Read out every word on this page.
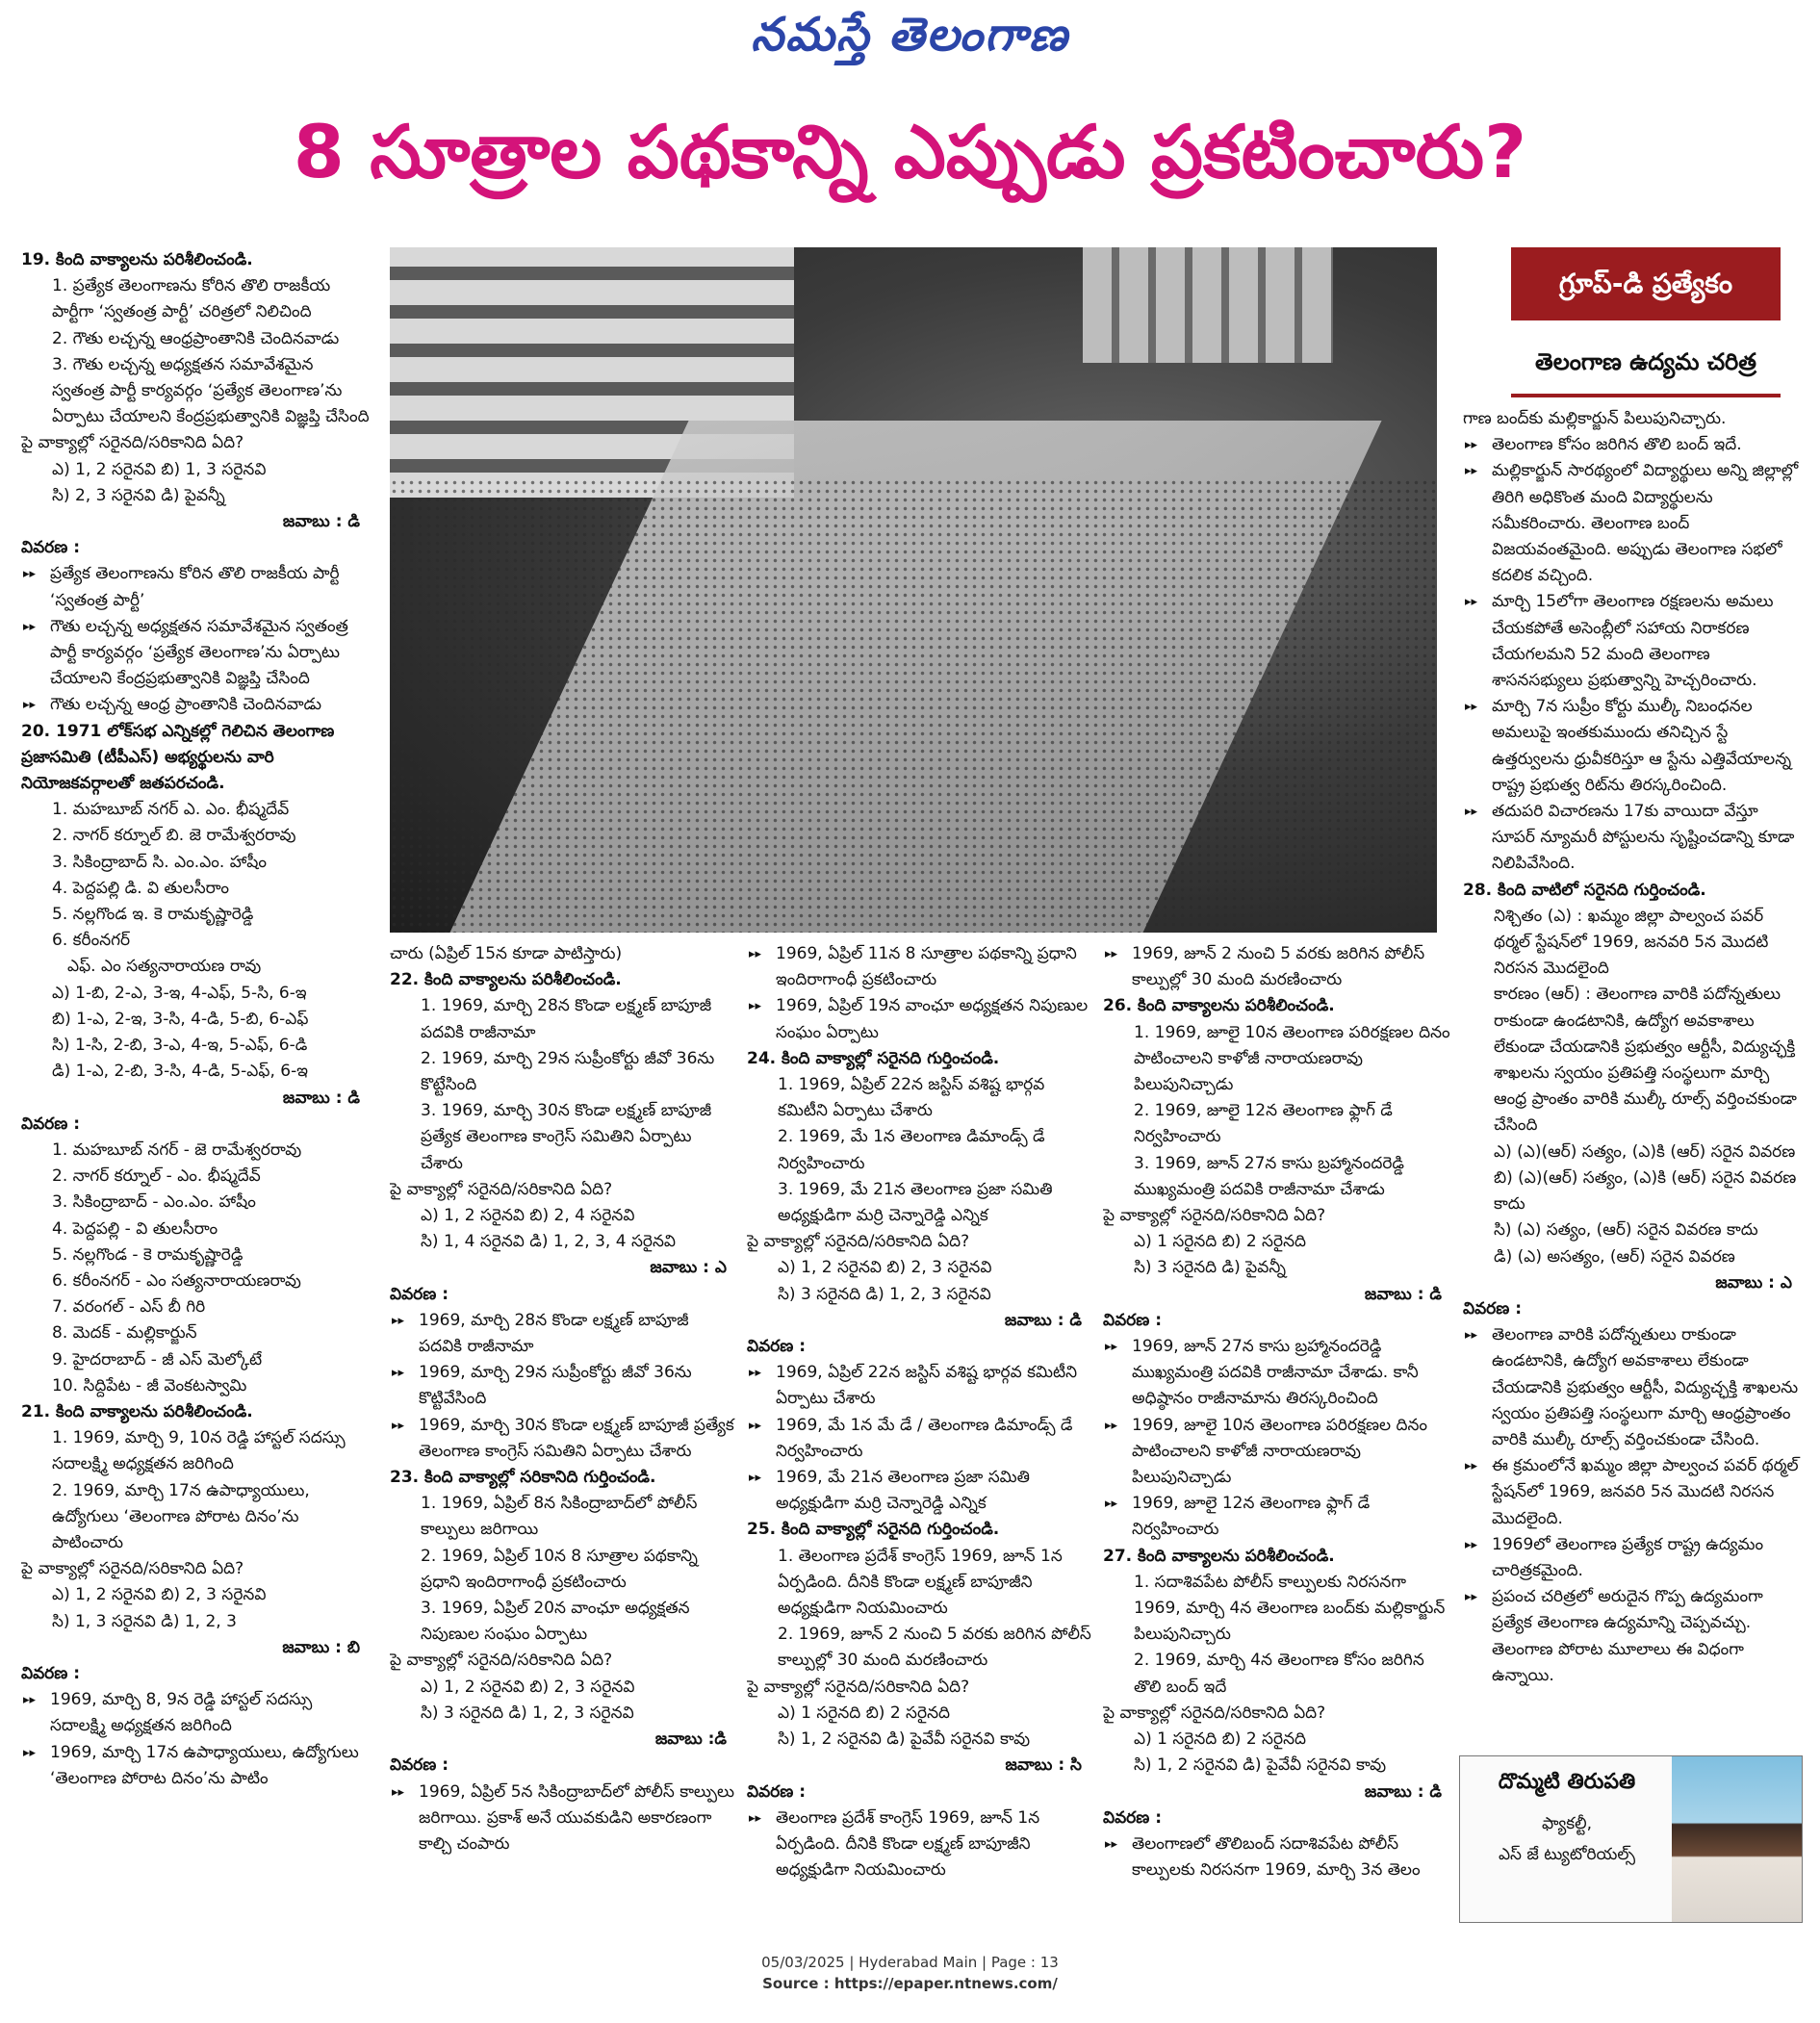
నమస్తే తెలంగాణ
8 సూత్రాల పథకాన్ని ఎప్పుడు ప్రకటించారు?

19. కింది వాక్యాలను పరిశీలించండి.

1. ప్రత్యేక తెలంగాణను కోరిన తొలి రాజకీయ పార్టీగా ‘స్వతంత్ర పార్టీ’ చరిత్రలో నిలిచింది

2. గౌతు లచ్చన్న ఆంధ్రప్రాంతానికి చెందినవాడు

3. గౌతు లచ్చన్న అధ్యక్షతన సమావేశమైన స్వతంత్ర పార్టీ కార్యవర్గం ‘ప్రత్యేక తెలంగాణ’ను ఏర్పాటు చేయాలని కేంద్రప్రభుత్వానికి విజ్ఞప్తి చేసింది

పై వాక్యాల్లో సరైనది/సరికానిది ఏది?

ఎ) 1, 2 సరైనవి బి) 1, 3 సరైనవి

సి) 2, 3 సరైనవి డి) పైవన్నీ

జవాబు : డి

వివరణ :

▸▸ ప్రత్యేక తెలంగాణను కోరిన తొలి రాజకీయ పార్టీ ‘స్వతంత్ర పార్టీ’

▸▸ గౌతు లచ్చన్న అధ్యక్షతన సమావేశమైన స్వతంత్ర పార్టీ కార్యవర్గం ‘ప్రత్యేక తెలంగాణ’ను ఏర్పాటు చేయాలని కేంద్రప్రభుత్వానికి విజ్ఞప్తి చేసింది

▸▸ గౌతు లచ్చన్న ఆంధ్ర ప్రాంతానికి చెందినవాడు

20. 1971 లోక్‌సభ ఎన్నికల్లో గెలిచిన తెలంగాణ ప్రజాసమితి (టీపీఎస్) అభ్యర్థులను వారి నియోజకవర్గాలతో జతపరచండి.

1. మహబూబ్ నగర్ ఎ. ఎం. భీష్మదేవ్

2. నాగర్ కర్నూల్ బి. జె రామేశ్వరరావు

3. సికింద్రాబాద్ సి. ఎం.ఎం. హాషీం

4. పెద్దపల్లి డి. వి తులసీరాం

5. నల్లగొండ ఇ. కె రామకృష్ణారెడ్డి

6. కరీంనగర్

ఎఫ్. ఎం సత్యనారాయణ రావు

ఎ) 1-బి, 2-ఎ, 3-ఇ, 4-ఎఫ్, 5-సి, 6-ఇ

బి) 1-ఎ, 2-ఇ, 3-సి, 4-డి, 5-బి, 6-ఎఫ్

సి) 1-సి, 2-బి, 3-ఎ, 4-ఇ, 5-ఎఫ్, 6-డి

డి) 1-ఎ, 2-బి, 3-సి, 4-డి, 5-ఎఫ్, 6-ఇ

జవాబు : డి

వివరణ :

1. మహబూబ్ నగర్ - జె రామేశ్వరరావు

2. నాగర్ కర్నూల్ - ఎం. భీష్మదేవ్

3. సికింద్రాబాద్ - ఎం.ఎం. హాషీం

4. పెద్దపల్లి - వి తులసీరాం

5. నల్లగొండ - కె రామకృష్ణారెడ్డి

6. కరీంనగర్ - ఎం సత్యనారాయణరావు

7. వరంగల్ - ఎస్ బీ గిరి

8. మెదక్ - మల్లికార్జున్

9. హైదరాబాద్ - జీ ఎస్ మెల్కోటే

10. సిద్దిపేట - జీ వెంకటస్వామి

21. కింది వాక్యాలను పరిశీలించండి.

1. 1969, మార్చి 9, 10న రెడ్డి హాస్టల్ సదస్సు సదాలక్ష్మి అధ్యక్షతన జరిగింది

2. 1969, మార్చి 17న ఉపాధ్యాయులు, ఉద్యోగులు ‘తెలంగాణ పోరాట దినం’ను పాటించారు

పై వాక్యాల్లో సరైనది/సరికానిది ఏది?

ఎ) 1, 2 సరైనవి బి) 2, 3 సరైనవి

సి) 1, 3 సరైనవి డి) 1, 2, 3

జవాబు : బి

వివరణ :

▸▸ 1969, మార్చి 8, 9న రెడ్డి హాస్టల్ సదస్సు సదాలక్ష్మి అధ్యక్షతన జరిగింది

▸▸ 1969, మార్చి 17న ఉపాధ్యాయులు, ఉద్యోగులు ‘తెలంగాణ పోరాట దినం’ను పాటిం

చారు (ఏప్రిల్ 15న కూడా పాటిస్తారు)

22. కింది వాక్యాలను పరిశీలించండి.

1. 1969, మార్చి 28న కొండా లక్ష్మణ్ బాపూజీ పదవికి రాజీనామా

2. 1969, మార్చి 29న సుప్రీంకోర్టు జీవో 36ను కొట్టేసింది

3. 1969, మార్చి 30న కొండా లక్ష్మణ్ బాపూజీ ప్రత్యేక తెలంగాణ కాంగ్రెస్ సమితిని ఏర్పాటు చేశారు

పై వాక్యాల్లో సరైనది/సరికానిది ఏది?

ఎ) 1, 2 సరైనవి బి) 2, 4 సరైనవి

సి) 1, 4 సరైనవి డి) 1, 2, 3, 4 సరైనవి

జవాబు : ఎ

వివరణ :

▸▸ 1969, మార్చి 28న కొండా లక్ష్మణ్ బాపూజీ పదవికి రాజీనామా

▸▸ 1969, మార్చి 29న సుప్రీంకోర్టు జీవో 36ను కొట్టివేసింది

▸▸ 1969, మార్చి 30న కొండా లక్ష్మణ్ బాపూజీ ప్రత్యేక తెలంగాణ కాంగ్రెస్ సమితిని ఏర్పాటు చేశారు

23. కింది వాక్యాల్లో సరికానిది గుర్తించండి.

1. 1969, ఏప్రిల్ 8న సికింద్రాబాద్‌లో పోలీస్ కాల్పులు జరిగాయి

2. 1969, ఏప్రిల్ 10న 8 సూత్రాల పథకాన్ని ప్రధాని ఇందిరాగాంధీ ప్రకటించారు

3. 1969, ఏప్రిల్ 20న వాంఛూ అధ్యక్షతన నిపుణుల సంఘం ఏర్పాటు

పై వాక్యాల్లో సరైనది/సరికానిది ఏది?

ఎ) 1, 2 సరైనవి బి) 2, 3 సరైనవి

సి) 3 సరైనది డి) 1, 2, 3 సరైనవి

జవాబు :డి

వివరణ :

▸▸ 1969, ఏప్రిల్ 5న సికింద్రాబాద్‌లో పోలీస్ కాల్పులు జరిగాయి. ప్రకాశ్ అనే యువకుడిని అకారణంగా కాల్చి చంపారు

▸▸ 1969, ఏప్రిల్ 11న 8 సూత్రాల పథకాన్ని ప్రధాని ఇందిరాగాంధీ ప్రకటించారు

▸▸ 1969, ఏప్రిల్ 19న వాంఛూ అధ్యక్షతన నిపుణుల సంఘం ఏర్పాటు

24. కింది వాక్యాల్లో సరైనది గుర్తించండి.

1. 1969, ఏప్రిల్ 22న జస్టిస్ వశిష్ట భార్గవ కమిటీని ఏర్పాటు చేశారు

2. 1969, మే 1న తెలంగాణ డిమాండ్స్ డే నిర్వహించారు

3. 1969, మే 21న తెలంగాణ ప్రజా సమితి అధ్యక్షుడిగా మర్రి చెన్నారెడ్డి ఎన్నిక

పై వాక్యాల్లో సరైనది/సరికానిది ఏది?

ఎ) 1, 2 సరైనవి బి) 2, 3 సరైనవి

సి) 3 సరైనది డి) 1, 2, 3 సరైనవి

జవాబు : డి

వివరణ :

▸▸ 1969, ఏప్రిల్ 22న జస్టిస్ వశిష్ట భార్గవ కమిటీని ఏర్పాటు చేశారు

▸▸ 1969, మే 1న మే డే / తెలంగాణ డిమాండ్స్ డే నిర్వహించారు

▸▸ 1969, మే 21న తెలంగాణ ప్రజా సమితి అధ్యక్షుడిగా మర్రి చెన్నారెడ్డి ఎన్నిక

25. కింది వాక్యాల్లో సరైనది గుర్తించండి.

1. తెలంగాణ ప్రదేశ్ కాంగ్రెస్ 1969, జూన్ 1న ఏర్పడింది. దీనికి కొండా లక్ష్మణ్ బాపూజీని అధ్యక్షుడిగా నియమించారు

2. 1969, జూన్ 2 నుంచి 5 వరకు జరిగిన పోలీస్ కాల్పుల్లో 30 మంది మరణించారు

పై వాక్యాల్లో సరైనది/సరికానిది ఏది?

ఎ) 1 సరైనది బి) 2 సరైనది

సి) 1, 2 సరైనవి డి) పైవేవీ సరైనవి కావు

జవాబు : సి

వివరణ :

▸▸ తెలంగాణ ప్రదేశ్ కాంగ్రెస్ 1969, జూన్ 1న ఏర్పడింది. దీనికి కొండా లక్ష్మణ్ బాపూజీని అధ్యక్షుడిగా నియమించారు

▸▸ 1969, జూన్ 2 నుంచి 5 వరకు జరిగిన పోలీస్ కాల్పుల్లో 30 మంది మరణించారు

26. కింది వాక్యాలను పరిశీలించండి.

1. 1969, జూలై 10న తెలంగాణ పరిరక్షణల దినం పాటించాలని కాళోజీ నారాయణరావు పిలుపునిచ్చాడు

2. 1969, జూలై 12న తెలంగాణ ఫ్లాగ్ డే నిర్వహించారు

3. 1969, జూన్ 27న కాసు బ్రహ్మానందరెడ్డి ముఖ్యమంత్రి పదవికి రాజీనామా చేశాడు

పై వాక్యాల్లో సరైనది/సరికానిది ఏది?

ఎ) 1 సరైనది బి) 2 సరైనది

సి) 3 సరైనది డి) పైవన్నీ

జవాబు : డి

వివరణ :

▸▸ 1969, జూన్ 27న కాసు బ్రహ్మానందరెడ్డి ముఖ్యమంత్రి పదవికి రాజీనామా చేశాడు. కానీ అధిష్ఠానం రాజీనామాను తిరస్కరించింది

▸▸ 1969, జూలై 10న తెలంగాణ పరిరక్షణల దినం పాటించాలని కాళోజీ నారాయణరావు పిలుపునిచ్చాడు

▸▸ 1969, జూలై 12న తెలంగాణ ఫ్లాగ్ డే నిర్వహించారు

27. కింది వాక్యాలను పరిశీలించండి.

1. సదాశివపేట పోలీస్ కాల్పులకు నిరసనగా 1969, మార్చి 4న తెలంగాణ బంద్‌కు మల్లికార్జున్ పిలుపునిచ్చారు

2. 1969, మార్చి 4న తెలంగాణ కోసం జరిగిన తొలి బంద్ ఇదే

పై వాక్యాల్లో సరైనది/సరికానిది ఏది?

ఎ) 1 సరైనది బి) 2 సరైనది

సి) 1, 2 సరైనవి డి) పైవేవీ సరైనవి కావు

జవాబు : డి

వివరణ :

▸▸ తెలంగాణలో తొలిబంద్ సదాశివపేట పోలీస్ కాల్పులకు నిరసనగా 1969, మార్చి 3న తెలం

గ్రూప్-డి ప్రత్యేకం
తెలంగాణ ఉద్యమ చరిత్ర

గాణ బంద్‌కు మల్లికార్జున్ పిలుపునిచ్చారు.

▸▸ తెలంగాణ కోసం జరిగిన తొలి బంద్ ఇదే.

▸▸ మల్లికార్జున్ సారథ్యంలో విద్యార్థులు అన్ని జిల్లాల్లో తిరిగి అధికొంత మంది విద్యార్థులను సమీకరించారు. తెలంగాణ బంద్ విజయవంతమైంది. అప్పుడు తెలంగాణ సభలో కదలిక వచ్చింది.

▸▸ మార్చి 15లోగా తెలంగాణ రక్షణలను అమలు చేయకపోతే అసెంబ్లీలో సహాయ నిరాకరణ చేయగలమని 52 మంది తెలంగాణ శాసనసభ్యులు ప్రభుత్వాన్ని హెచ్చరించారు.

▸▸ మార్చి 7న సుప్రీం కోర్టు ముల్కీ నిబంధనల అమలుపై ఇంతకుముందు తనిచ్చిన స్టే ఉత్తర్వులను ధ్రువీకరిస్తూ ఆ స్టేను ఎత్తివేయాలన్న రాష్ట్ర ప్రభుత్వ రిట్‌ను తిరస్కరించింది.

▸▸ తదుపరి విచారణను 17కు వాయిదా వేస్తూ సూపర్ న్యూమరీ పోస్టులను సృష్టించడాన్ని కూడా నిలిపివేసింది.

28. కింది వాటిలో సరైనది గుర్తించండి.

నిశ్చితం (ఎ) : ఖమ్మం జిల్లా పాల్వంచ పవర్ థర్మల్ స్టేషన్‌లో 1969, జనవరి 5న మొదటి నిరసన మొదలైంది

కారణం (ఆర్) : తెలంగాణ వారికి పదోన్నతులు రాకుండా ఉండటానికి, ఉద్యోగ అవకాశాలు లేకుండా చేయడానికి ప్రభుత్వం ఆర్టీసీ, విద్యుచ్ఛక్తి శాఖలను స్వయం ప్రతిపత్తి సంస్థలుగా మార్చి ఆంధ్ర ప్రాంతం వారికి ముల్కీ రూల్స్ వర్తించకుండా చేసింది

ఎ) (ఎ)(ఆర్) సత్యం, (ఎ)కి (ఆర్) సరైన వివరణ

బి) (ఎ)(ఆర్) సత్యం, (ఎ)కి (ఆర్) సరైన వివరణ కాదు

సి) (ఎ) సత్యం, (ఆర్) సరైన వివరణ కాదు

డి) (ఎ) అసత్యం, (ఆర్) సరైన వివరణ

జవాబు : ఎ

వివరణ :

▸▸ తెలంగాణ వారికి పదోన్నతులు రాకుండా ఉండటానికి, ఉద్యోగ అవకాశాలు లేకుండా చేయడానికి ప్రభుత్వం ఆర్టీసీ, విద్యుచ్ఛక్తి శాఖలను స్వయం ప్రతిపత్తి సంస్థలుగా మార్చి ఆంధ్రప్రాంతం వారికి ముల్కీ రూల్స్ వర్తించకుండా చేసింది.

▸▸ ఈ క్రమంలోనే ఖమ్మం జిల్లా పాల్వంచ పవర్ థర్మల్ స్టేషన్‌లో 1969, జనవరి 5న మొదటి నిరసన మొదలైంది.

▸▸ 1969లో తెలంగాణ ప్రత్యేక రాష్ట్ర ఉద్యమం చారిత్రకమైంది.

▸▸ ప్రపంచ చరిత్రలో అరుదైన గొప్ప ఉద్యమంగా ప్రత్యేక తెలంగాణ ఉద్యమాన్ని చెప్పవచ్చు. తెలంగాణ పోరాట మూలాలు ఈ విధంగా ఉన్నాయి.

దొమ్మటి తిరుపతి
ఫ్యాకల్టీ,
ఎస్ జే ట్యుటోరియల్స్
05/03/2025 | Hyderabad Main | Page : 13
Source : https://epaper.ntnews.com/
